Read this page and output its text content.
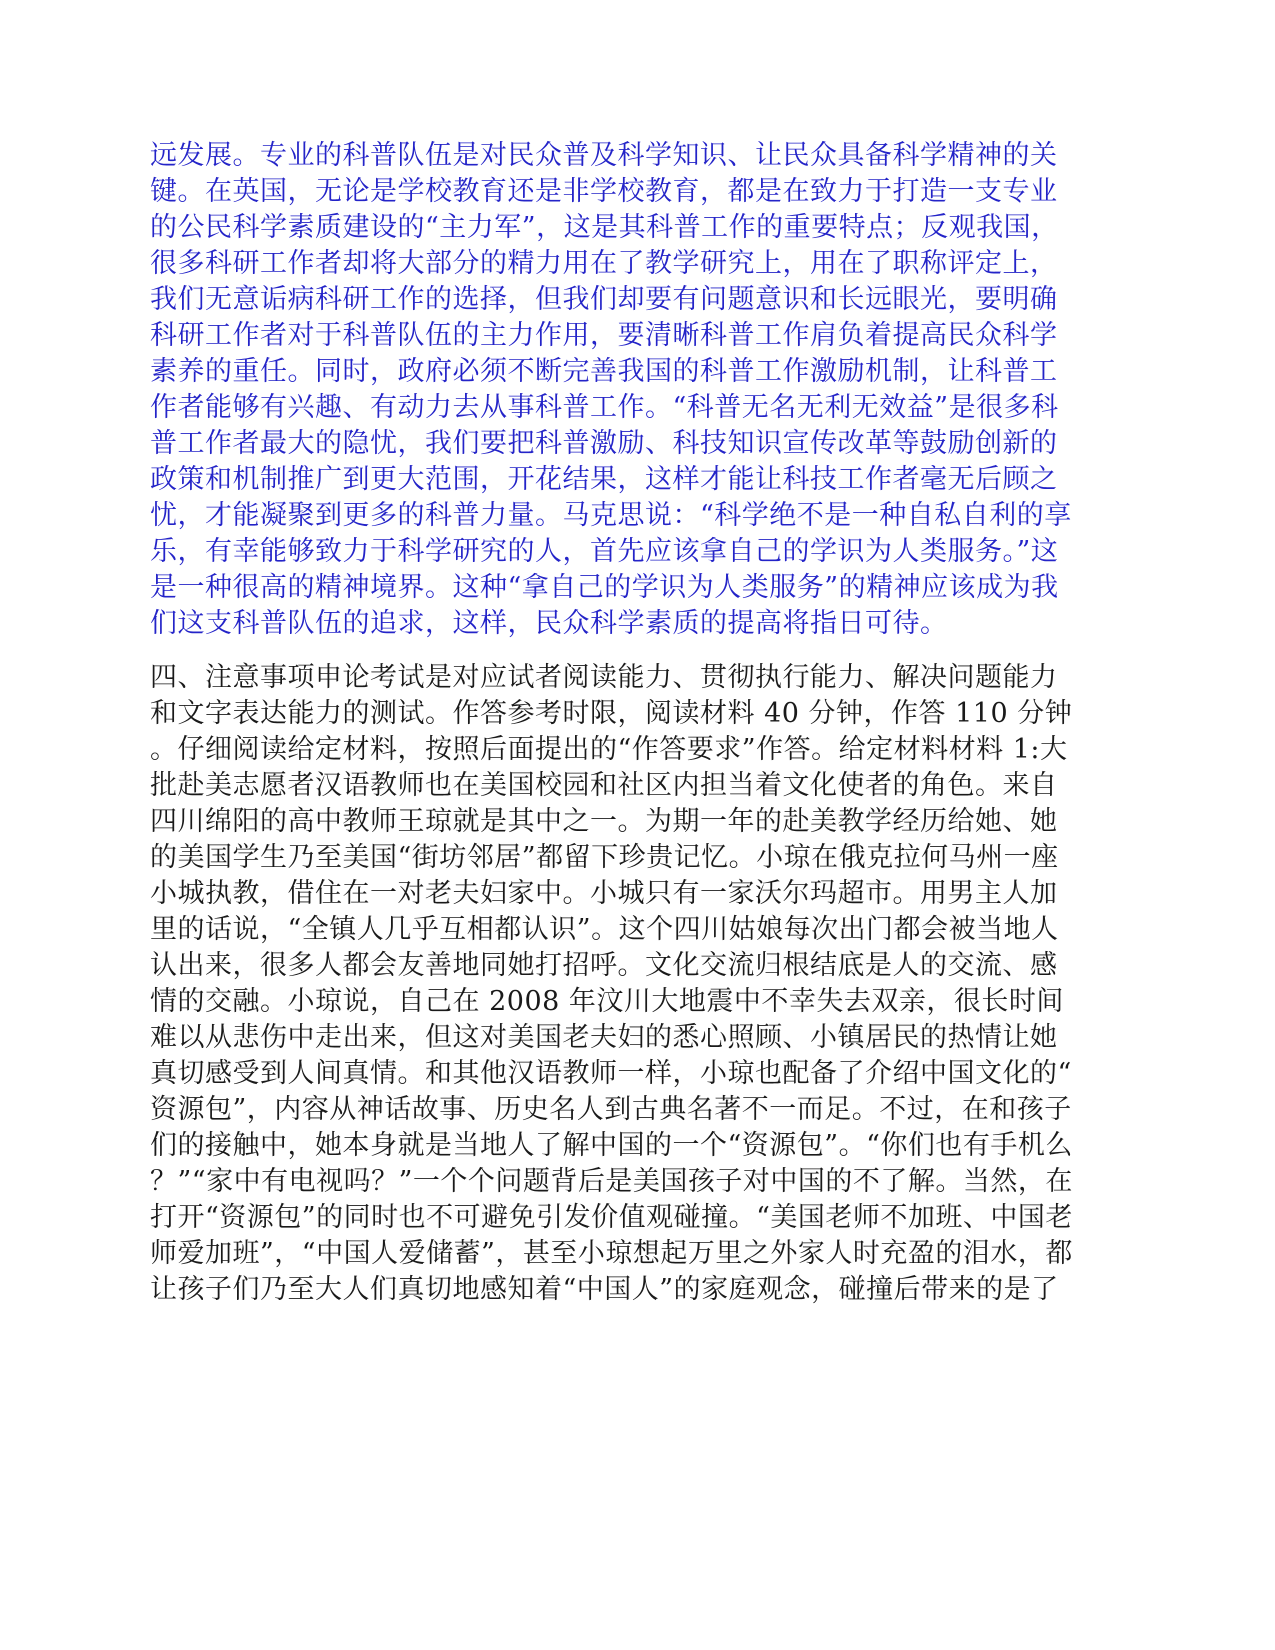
远发展。专业的科普队伍是对民众普及科学知识、让民众具备科学精神的关
键。在英国，无论是学校教育还是非学校教育，都是在致力于打造一支专业
的公民科学素质建设的“主力军”，这是其科普工作的重要特点；反观我国，
很多科研工作者却将大部分的精力用在了教学研究上，用在了职称评定上，
我们无意诟病科研工作的选择，但我们却要有问题意识和长远眼光，要明确
科研工作者对于科普队伍的主力作用，要清晰科普工作肩负着提高民众科学
素养的重任。同时，政府必须不断完善我国的科普工作激励机制，让科普工
作者能够有兴趣、有动力去从事科普工作。“科普无名无利无效益”是很多科
普工作者最大的隐忧，我们要把科普激励、科技知识宣传改革等鼓励创新的
政策和机制推广到更大范围，开花结果，这样才能让科技工作者毫无后顾之
忧，才能凝聚到更多的科普力量。马克思说：“科学绝不是一种自私自利的享
乐，有幸能够致力于科学研究的人，首先应该拿自己的学识为人类服务。”这
是一种很高的精神境界。这种“拿自己的学识为人类服务”的精神应该成为我
们这支科普队伍的追求，这样，民众科学素质的提高将指日可待。
四、注意事项申论考试是对应试者阅读能力、贯彻执行能力、解决问题能力
和文字表达能力的测试。作答参考时限，阅读材料 40 分钟，作答 110 分钟
。仔细阅读给定材料，按照后面提出的“作答要求”作答。给定材料材料 1:大
批赴美志愿者汉语教师也在美国校园和社区内担当着文化使者的角色。来自
四川绵阳的高中教师王琼就是其中之一。为期一年的赴美教学经历给她、她
的美国学生乃至美国“街坊邻居”都留下珍贵记忆。小琼在俄克拉何马州一座
小城执教，借住在一对老夫妇家中。小城只有一家沃尔玛超市。用男主人加
里的话说，“全镇人几乎互相都认识”。这个四川姑娘每次出门都会被当地人
认出来，很多人都会友善地同她打招呼。文化交流归根结底是人的交流、感
情的交融。小琼说，自己在 2008 年汶川大地震中不幸失去双亲，很长时间
难以从悲伤中走出来，但这对美国老夫妇的悉心照顾、小镇居民的热情让她
真切感受到人间真情。和其他汉语教师一样，小琼也配备了介绍中国文化的“
资源包”，内容从神话故事、历史名人到古典名著不一而足。不过，在和孩子
们的接触中，她本身就是当地人了解中国的一个“资源包”。“你们也有手机么
？”“家中有电视吗？”一个个问题背后是美国孩子对中国的不了解。当然，在
打开“资源包”的同时也不可避免引发价值观碰撞。“美国老师不加班、中国老
师爱加班”，“中国人爱储蓄”，甚至小琼想起万里之外家人时充盈的泪水，都
让孩子们乃至大人们真切地感知着“中国人”的家庭观念，碰撞后带来的是了
